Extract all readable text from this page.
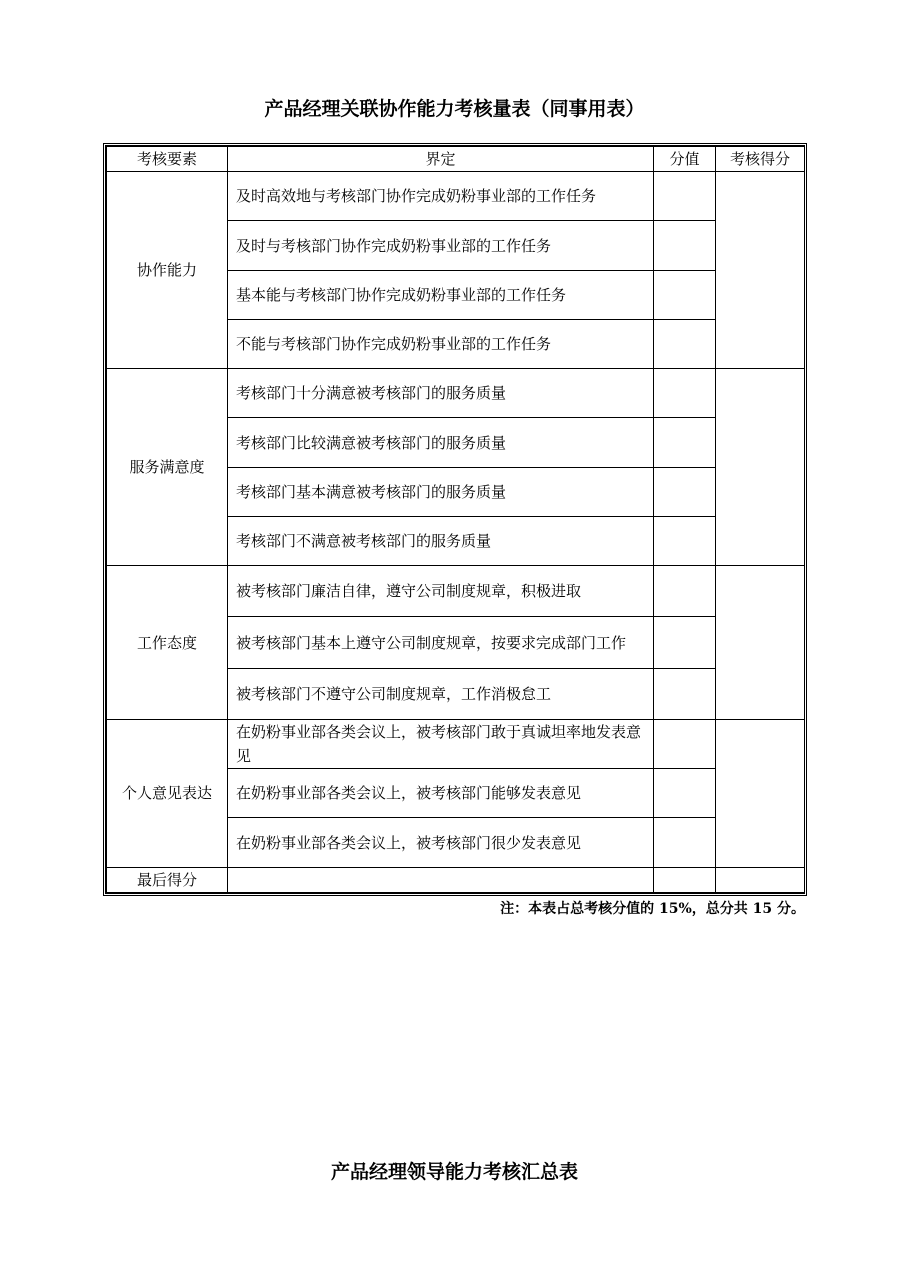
产品经理关联协作能力考核量表（同事用表）
考核要素	界定	分值	考核得分
协作能力	及时高效地与考核部门协作完成奶粉事业部的工作任务		
	及时与考核部门协作完成奶粉事业部的工作任务		
	基本能与考核部门协作完成奶粉事业部的工作任务		
	不能与考核部门协作完成奶粉事业部的工作任务		
服务满意度	考核部门十分满意被考核部门的服务质量		
	考核部门比较满意被考核部门的服务质量		
	考核部门基本满意被考核部门的服务质量		
	考核部门不满意被考核部门的服务质量		
工作态度	被考核部门廉洁自律，遵守公司制度规章，积极进取		
	被考核部门基本上遵守公司制度规章，按要求完成部门工作		
	被考核部门不遵守公司制度规章，工作消极怠工		
个人意见表达	在奶粉事业部各类会议上，被考核部门敢于真诚坦率地发表意见		
	在奶粉事业部各类会议上，被考核部门能够发表意见		
	在奶粉事业部各类会议上，被考核部门很少发表意见		
最后得分			
注：本表占总考核分值的 15%，总分共 15 分。
产品经理领导能力考核汇总表
